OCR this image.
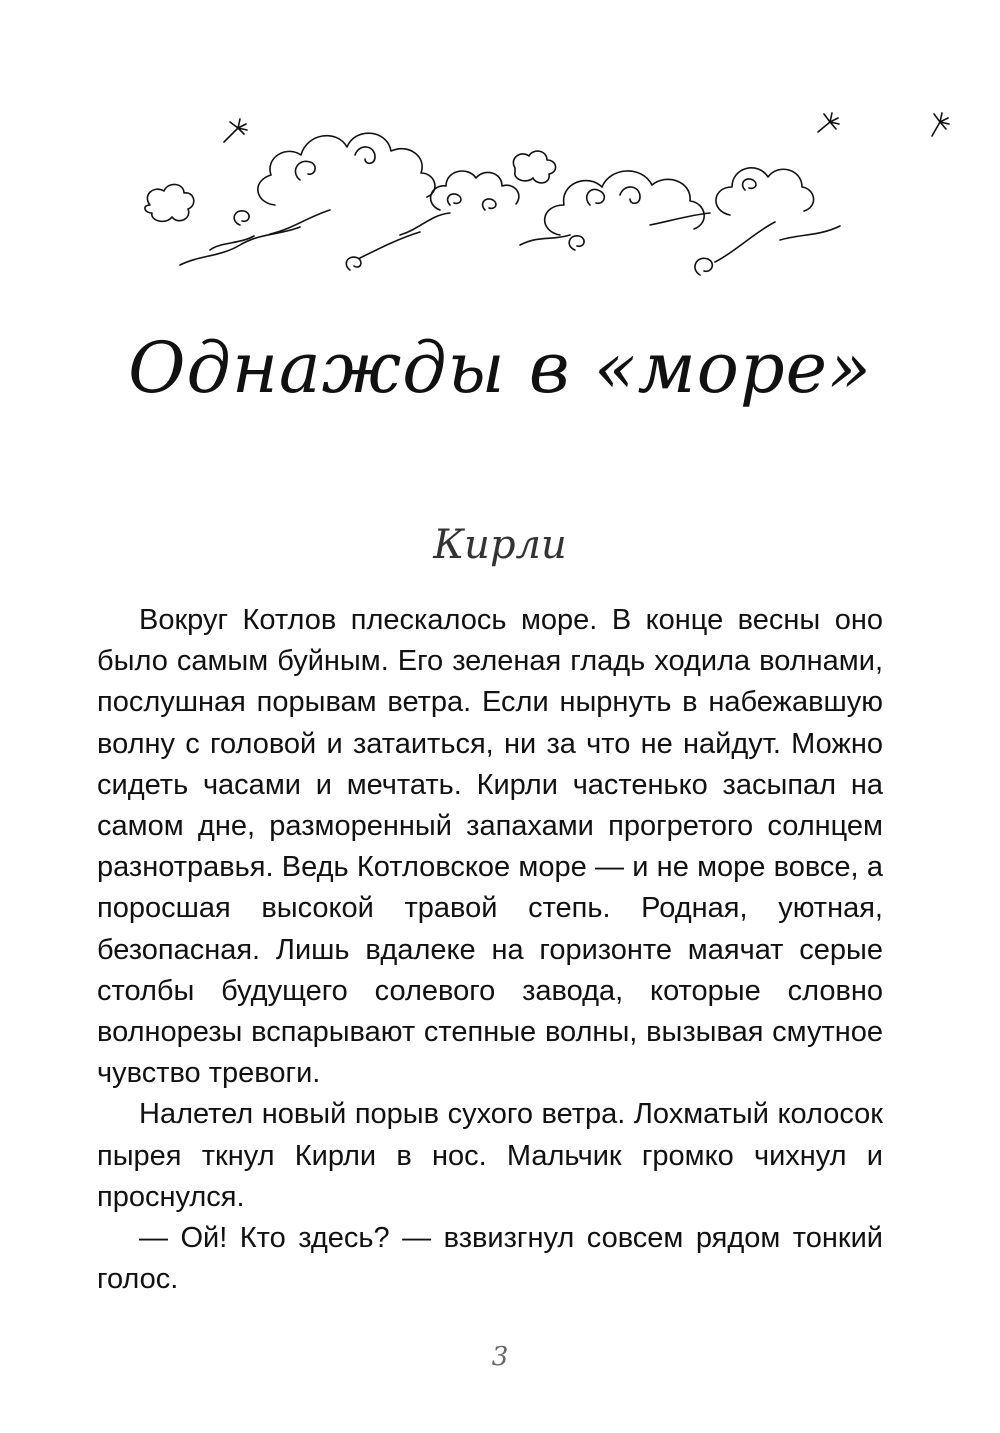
Однажды в «море»
Кирли

Вокруг Котлов плескалось море. В конце весны оно было самым буйным. Его зеленая гладь ходила волнами, послушная порывам ветра. Если нырнуть в набежавшую волну с головой и затаиться, ни за что не найдут. Можно сидеть часами и мечтать. Кирли частенько засыпал на самом дне, разморенный запахами прогретого солнцем разнотравья. Ведь Котловское море — и не море вовсе, а поросшая высокой травой степь. Родная, уютная, безопасная. Лишь вдалеке на горизонте маячат серые столбы будущего солевого завода, которые словно волнорезы вспарывают степные волны, вызывая смутное чувство тревоги.

Налетел новый порыв сухого ветра. Лохматый колосок пырея ткнул Кирли в нос. Мальчик громко чихнул и проснулся.

— Ой! Кто здесь? — взвизгнул совсем рядом тонкий голос.

3
